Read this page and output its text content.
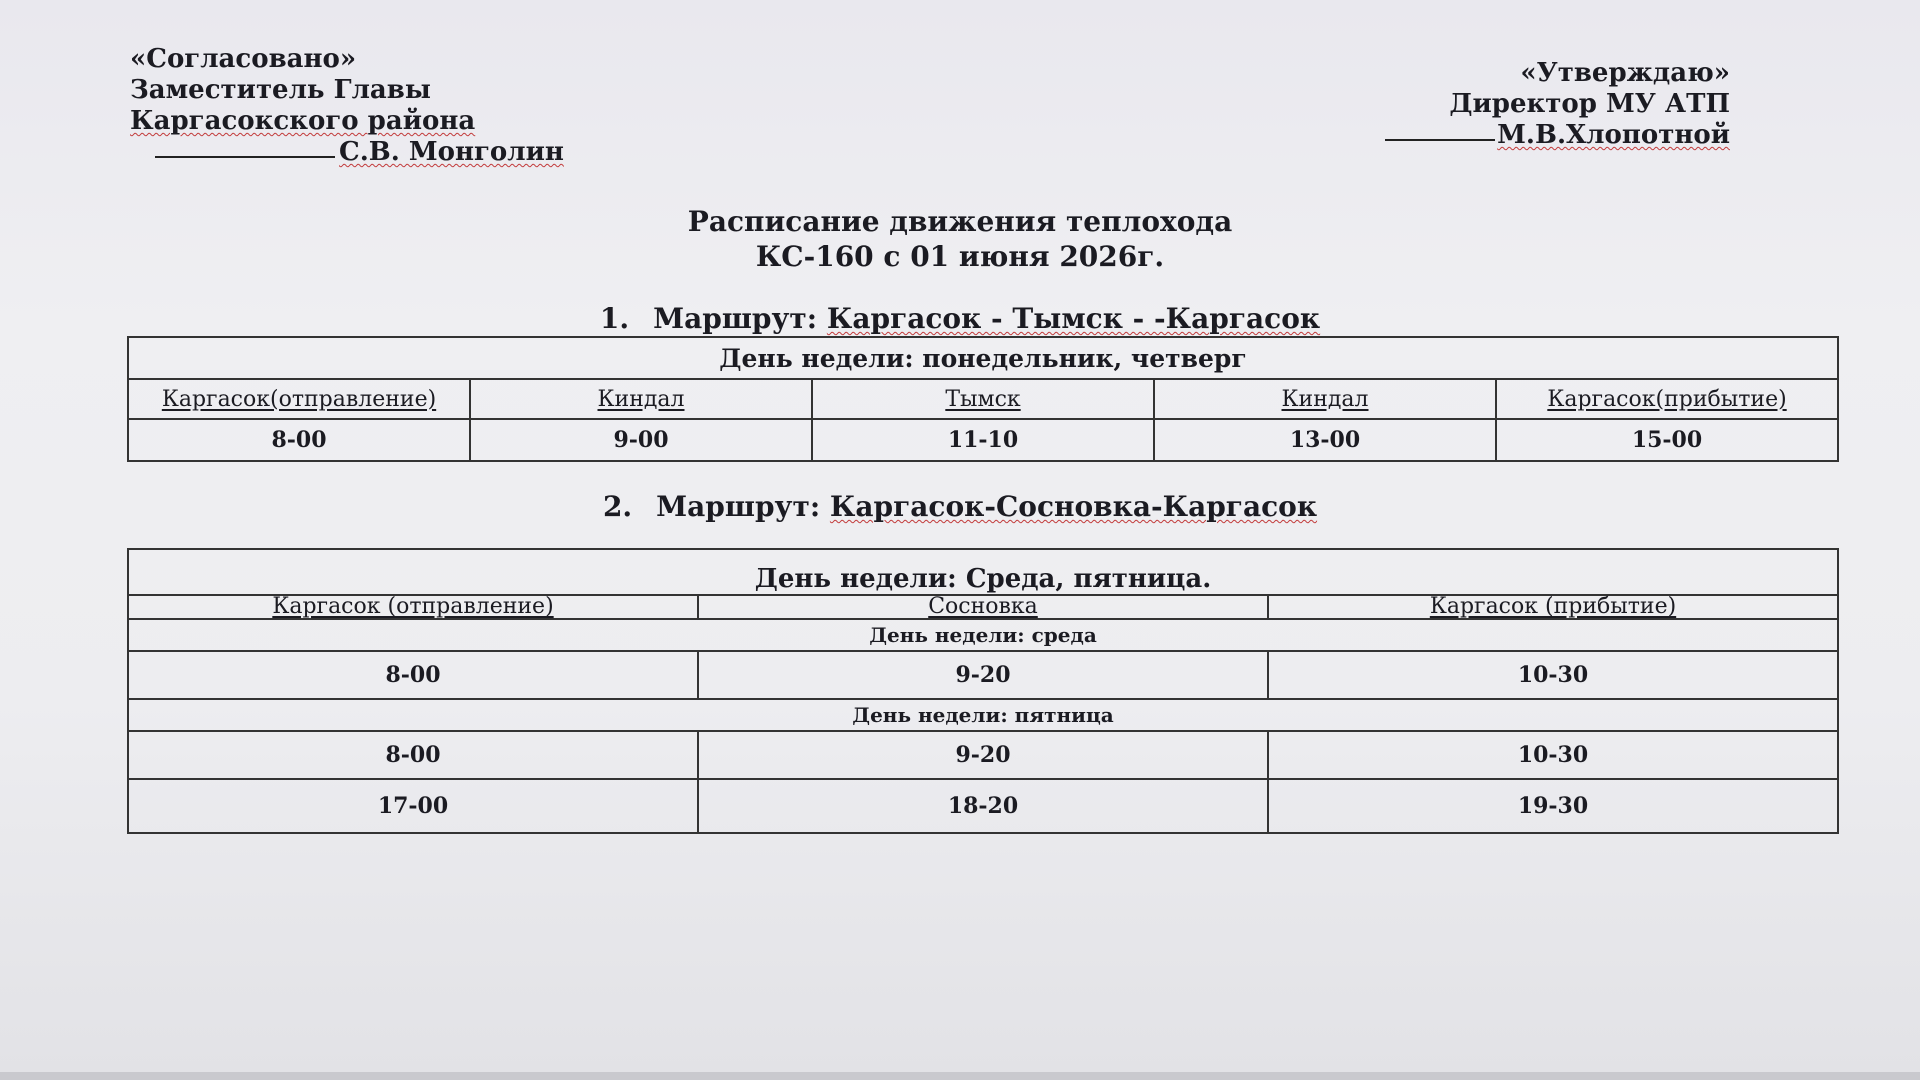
«Согласовано»
Заместитель Главы
Каргасокского района
С.В. Монголин
«Утверждаю»
Директор МУ АТП
М.В.Хлопотной
Расписание движения теплохода
КС-160 с 01 июня 2026г.
1. Маршрут: Каргасок - Тымск - -Каргасок
День недели: понедельник, четверг				
Каргасок(отправление)	Киндал	Тымск	Киндал	Каргасок(прибытие)
8-00	9-00	11-10	13-00	15-00
2. Маршрут: Каргасок-Сосновка-Каргасок
День недели: Среда, пятница.		
Каргасок (отправление)	Сосновка	Каргасок (прибытие)
День недели: среда		
8-00	9-20	10-30
День недели: пятница		
8-00	9-20	10-30
17-00	18-20	19-30
